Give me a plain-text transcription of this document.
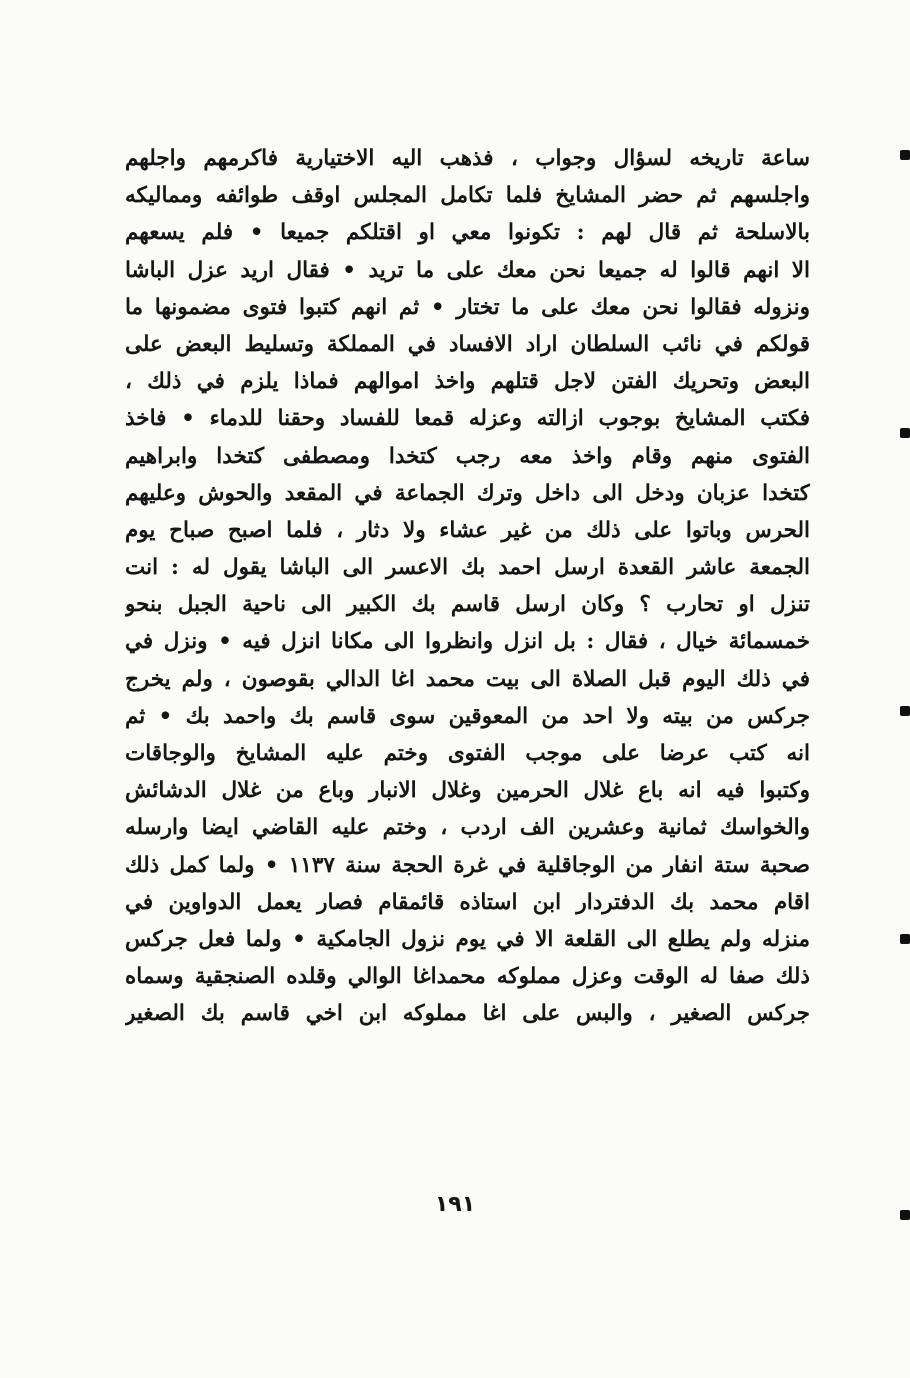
ساعة تاريخه لسؤال وجواب ، فذهب اليه الاختيارية فاكرمهم واجلهم
واجلسهم ثم حضر المشايخ فلما تكامل المجلس اوقف طوائفه ومماليكه
بالاسلحة ثم قال لهم : تكونوا معي او اقتلكم جميعا • فلم يسعهم
الا انهم قالوا له جميعا نحن معك على ما تريد • فقال اريد عزل الباشا
ونزوله فقالوا نحن معك على ما تختار • ثم انهم كتبوا فتوى مضمونها ما
قولكم في نائب السلطان اراد الافساد في المملكة وتسليط البعض على
البعض وتحريك الفتن لاجل قتلهم واخذ اموالهم فماذا يلزم في ذلك ،
فكتب المشايخ بوجوب ازالته وعزله قمعا للفساد وحقنا للدماء • فاخذ
الفتوى منهم وقام واخذ معه رجب كتخدا ومصطفى كتخدا وابراهيم
كتخدا عزبان ودخل الى داخل وترك الجماعة في المقعد والحوش وعليهم
الحرس وباتوا على ذلك من غير عشاء ولا دثار ، فلما اصبح صباح يوم
الجمعة عاشر القعدة ارسل احمد بك الاعسر الى الباشا يقول له : انت
تنزل او تحارب ؟ وكان ارسل قاسم بك الكبير الى ناحية الجبل بنحو
خمسمائة خيال ، فقال : بل انزل وانظروا الى مكانا انزل فيه • ونزل في
في ذلك اليوم قبل الصلاة الى بيت محمد اغا الدالي بقوصون ، ولم يخرج
جركس من بيته ولا احد من المعوقين سوى قاسم بك واحمد بك • ثم
انه كتب عرضا على موجب الفتوى وختم عليه المشايخ والوجاقات
وكتبوا فيه انه باع غلال الحرمين وغلال الانبار وباع من غلال الدشائش
والخواسك ثمانية وعشرين الف اردب ، وختم عليه القاضي ايضا وارسله
صحبة ستة انفار من الوجاقلية في غرة الحجة سنة ١١٣٧ • ولما كمل ذلك
اقام محمد بك الدفتردار ابن استاذه قائمقام فصار يعمل الدواوين في
منزله ولم يطلع الى القلعة الا في يوم نزول الجامكية • ولما فعل جركس
ذلك صفا له الوقت وعزل مملوكه محمداغا الوالي وقلده الصنجقية وسماه
جركس الصغير ، والبس على اغا مملوكه ابن اخي قاسم بك الصغير
١٩١
